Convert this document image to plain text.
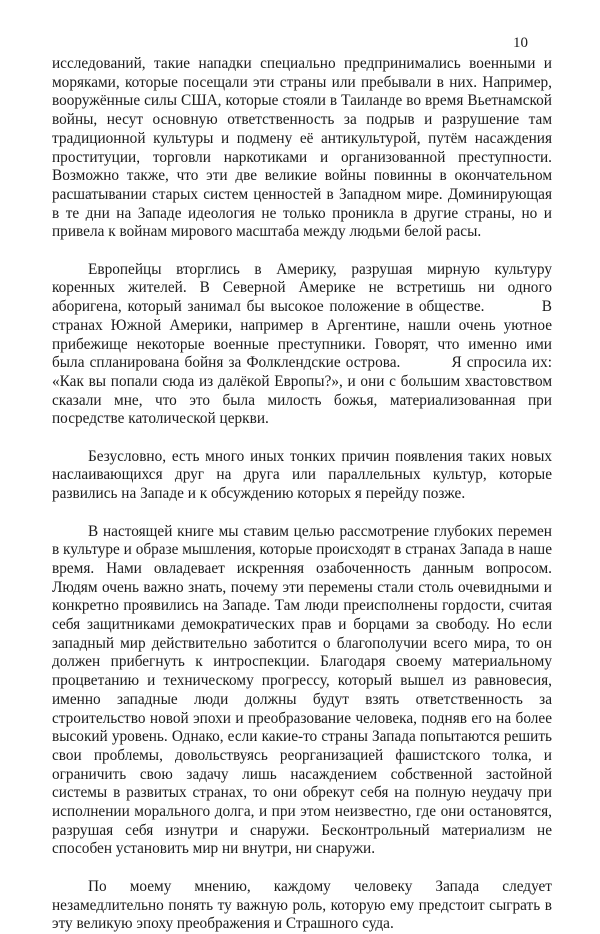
10

исследований, такие нападки специально предпринимались военными и моряками, которые посещали эти страны или пребывали в них. Например, вооружённые силы США, которые стояли в Таиланде во время Вьетнамской войны, несут основную ответственность за подрыв и разрушение там традиционной культуры и подмену её антикультурой, путём насаждения проституции, торговли наркотиками и организованной преступности. Возможно также, что эти две великие войны повинны в окончательном расшатывании старых систем ценностей в Западном мире. Доминирующая в те дни на Западе идеология не только проникла в другие страны, но и привела к войнам мирового масштаба между людьми белой расы.

Европейцы вторглись в Америку, разрушая мирную культуру коренных жителей. В Северной Америке не встретишь ни одного аборигена, который занимал бы высокое положение в обществе.          В странах Южной Америки, например в Аргентине, нашли очень уютное прибежище некоторые военные преступники. Говорят, что именно ими была спланирована бойня за Фолклендские острова.          Я спросила их: «Как вы попали сюда из далёкой Европы?», и они с большим хвастовством сказали мне, что это была милость божья, материализованная при посредстве католической церкви.

Безусловно, есть много иных тонких причин появления таких новых наслаивающихся друг на друга или параллельных культур, которые развились на Западе и к обсуждению которых я перейду позже.

В настоящей книге мы ставим целью рассмотрение глубоких перемен в культуре и образе мышления, которые происходят в странах Запада в наше время. Нами овладевает искренняя озабоченность данным вопросом. Людям очень важно знать, почему эти перемены стали столь очевидными и конкретно проявились на Западе. Там люди преисполнены гордости, считая себя защитниками демократических прав и борцами за свободу. Но если западный мир действительно заботится о благополучии всего мира, то он должен прибегнуть к интроспекции. Благодаря своему материальному процветанию и техническому прогрессу, который вышел из равновесия, именно западные люди должны будут взять ответственность за строительство новой эпохи и преобразование человека, подняв его на более высокий уровень. Однако, если какие-то страны Запада попытаются решить свои проблемы, довольствуясь реорганизацией фашистского толка, и ограничить свою задачу лишь насаждением собственной застойной системы в развитых странах, то они обрекут себя на полную неудачу при исполнении морального долга, и при этом неизвестно, где они остановятся, разрушая себя изнутри и снаружи. Бесконтрольный материализм не способен установить мир ни внутри, ни снаружи.

По моему мнению, каждому человеку Запада следует незамедлительно понять ту важную роль, которую ему предстоит сыграть в эту великую эпоху преображения и Страшного суда.
